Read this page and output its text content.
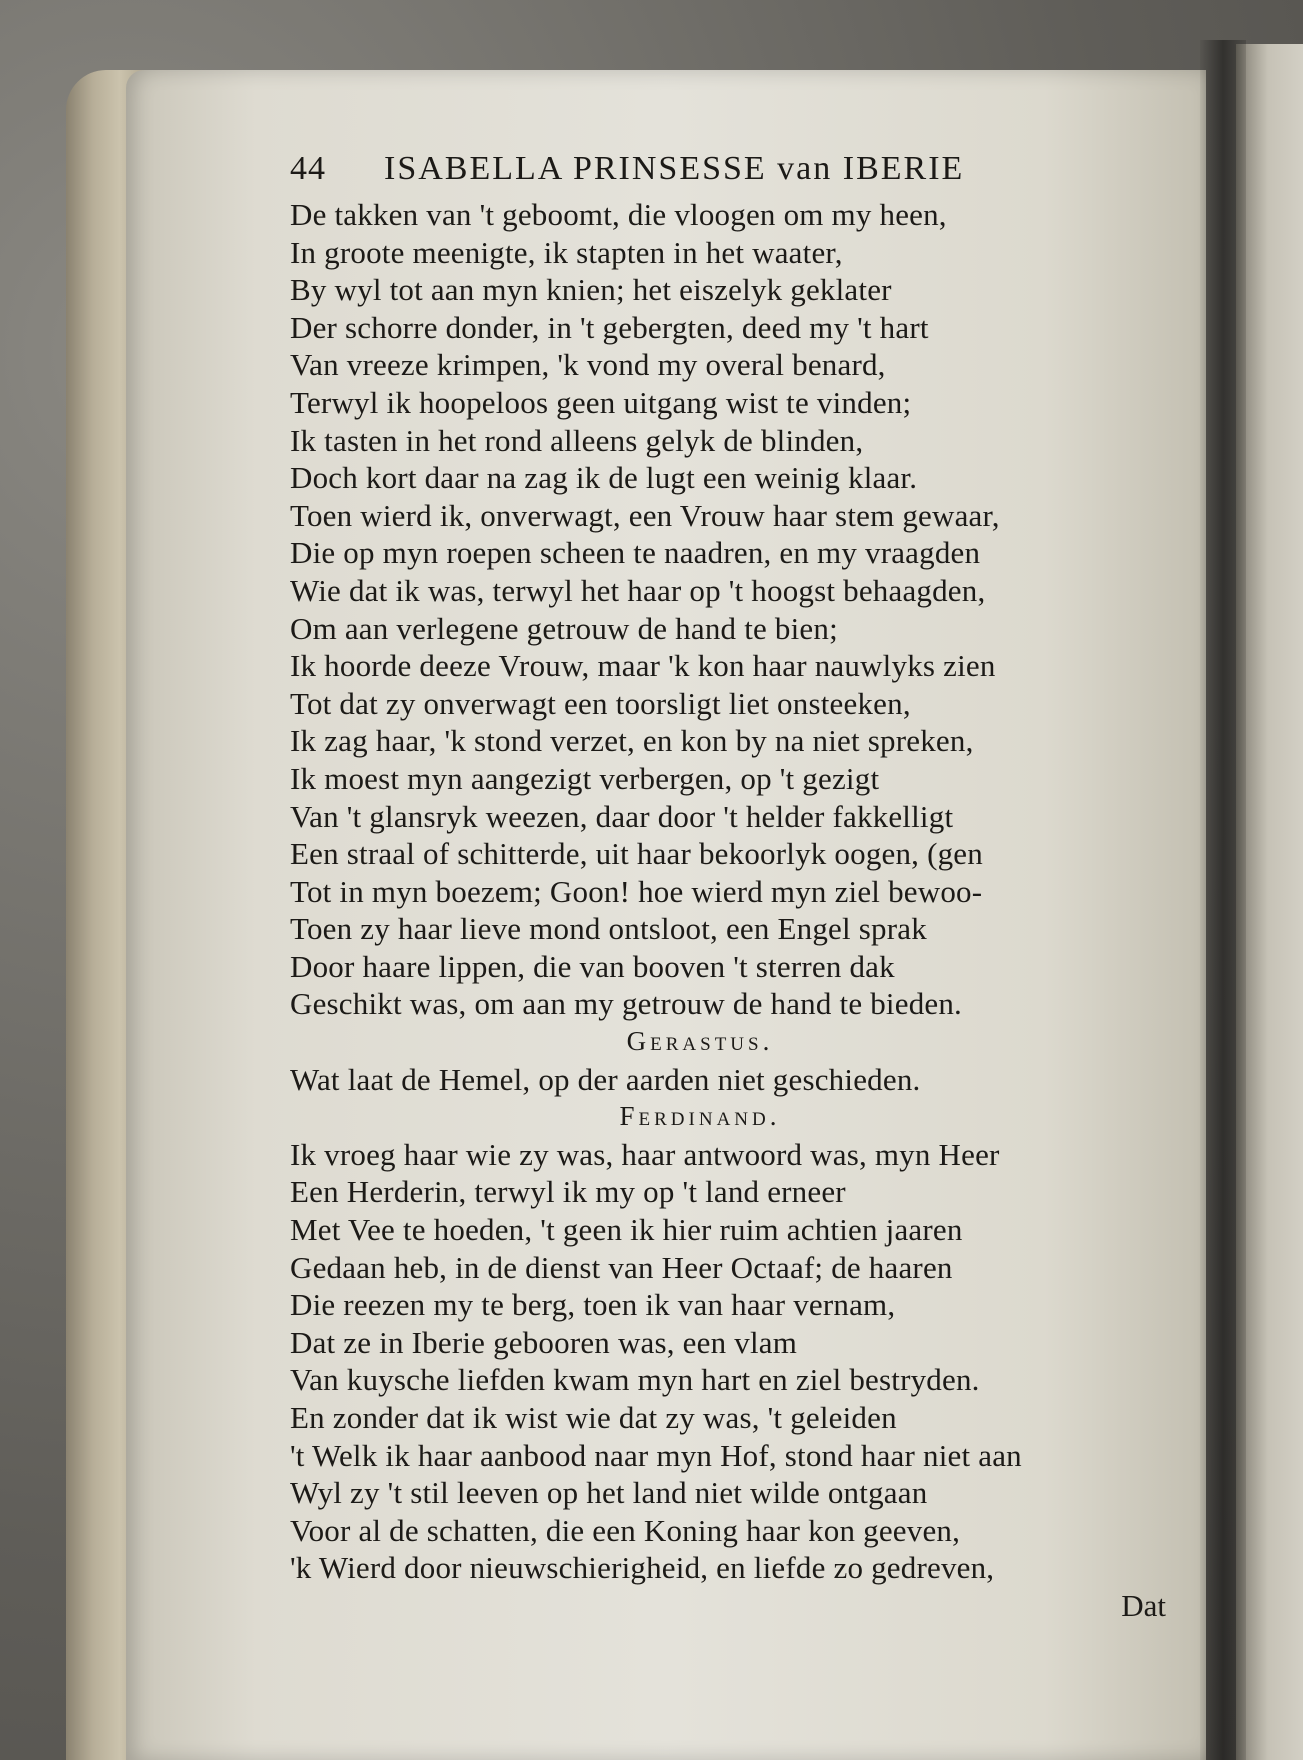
44 ISABELLA PRINSESSE van IBERIE
De takken van 't geboomt, die vloogen om my heen,
In groote meenigte, ik stapten in het waater,
By wyl tot aan myn knien; het eiszelyk geklater
Der schorre donder, in 't gebergten, deed my 't hart
Van vreeze krimpen, 'k vond my overal benard,
Terwyl ik hoopeloos geen uitgang wist te vinden;
Ik tasten in het rond alleens gelyk de blinden,
Doch kort daar na zag ik de lugt een weinig klaar.
Toen wierd ik, onverwagt, een Vrouw haar stem gewaar,
Die op myn roepen scheen te naadren, en my vraagden
Wie dat ik was, terwyl het haar op 't hoogst behaagden,
Om aan verlegene getrouw de hand te bien;
Ik hoorde deeze Vrouw, maar 'k kon haar nauwlyks zien
Tot dat zy onverwagt een toorsligt liet onsteeken,
Ik zag haar, 'k stond verzet, en kon by na niet spreken,
Ik moest myn aangezigt verbergen, op 't gezigt
Van 't glansryk weezen, daar door 't helder fakkelligt
Een straal of schitterde, uit haar bekoorlyk oogen, (gen
Tot in myn boezem; Goon! hoe wierd myn ziel bewoo-
Toen zy haar lieve mond ontsloot, een Engel sprak
Door haare lippen, die van booven 't sterren dak
Geschikt was, om aan my getrouw de hand te bieden.
Gerastus.
Wat laat de Hemel, op der aarden niet geschieden.
Ferdinand.
Ik vroeg haar wie zy was, haar antwoord was, myn Heer
Een Herderin, terwyl ik my op 't land erneer
Met Vee te hoeden, 't geen ik hier ruim achtien jaaren
Gedaan heb, in de dienst van Heer Octaaf; de haaren
Die reezen my te berg, toen ik van haar vernam,
Dat ze in Iberie gebooren was, een vlam
Van kuysche liefden kwam myn hart en ziel bestryden.
En zonder dat ik wist wie dat zy was, 't geleiden
't Welk ik haar aanbood naar myn Hof, stond haar niet aan
Wyl zy 't stil leeven op het land niet wilde ontgaan
Voor al de schatten, die een Koning haar kon geeven,
'k Wierd door nieuwschierigheid, en liefde zo gedreven,
Dat
